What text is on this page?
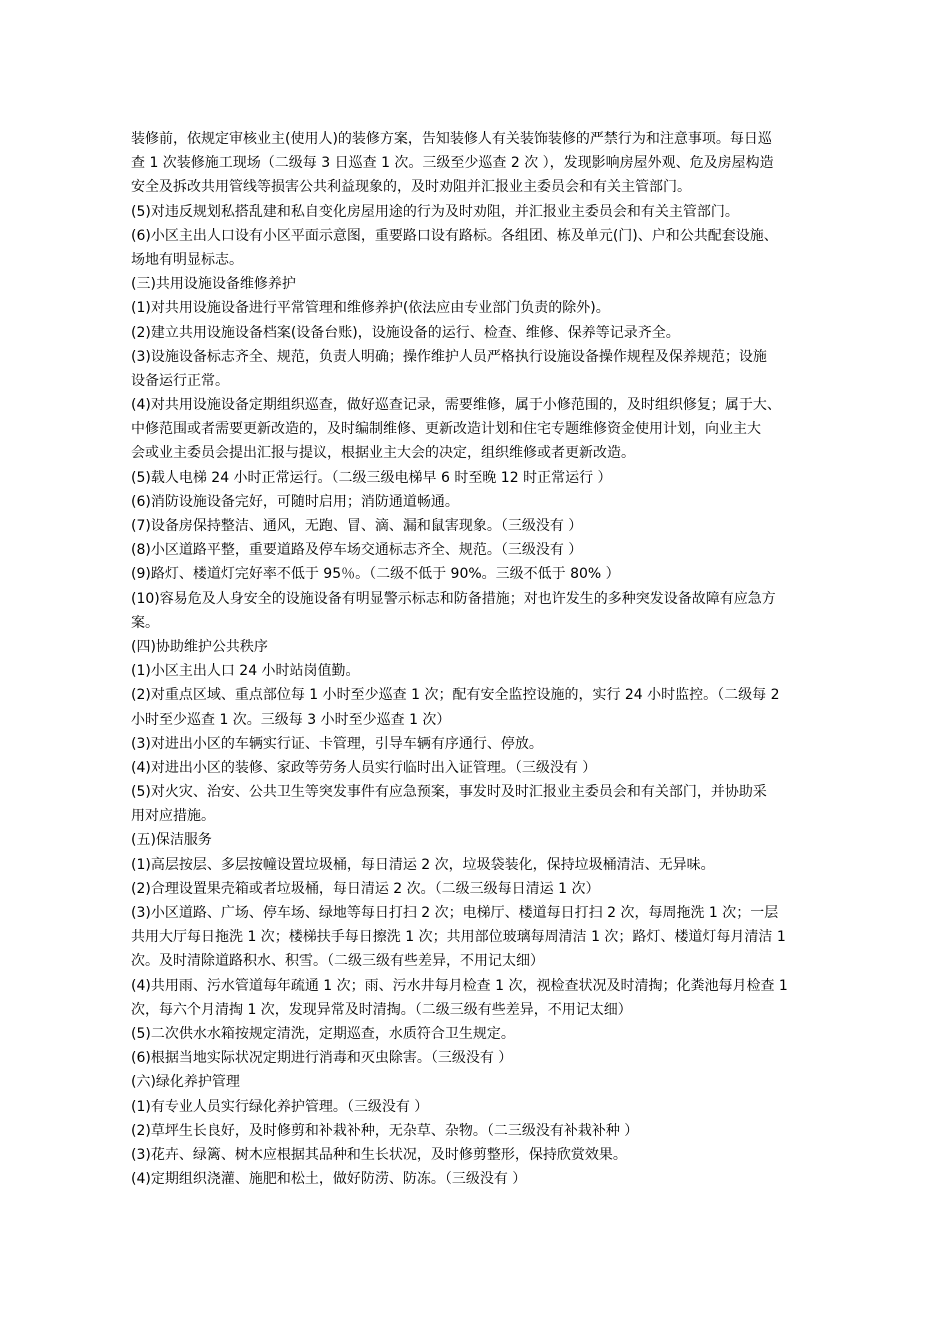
装修前，依规定审核业主(使用人)的装修方案，告知装修人有关装饰装修的严禁行为和注意事项。每日巡
查 1 次装修施工现场（二级每 3 日巡查 1 次。三级至少巡查 2 次 ），发现影响房屋外观、危及房屋构造
安全及拆改共用管线等损害公共利益现象的，及时劝阻并汇报业主委员会和有关主管部门。
(5)对违反规划私搭乱建和私自变化房屋用途的行为及时劝阻，并汇报业主委员会和有关主管部门。
(6)小区主出人口设有小区平面示意图，重要路口设有路标。各组团、栋及单元(门)、户和公共配套设施、
场地有明显标志。
(三)共用设施设备维修养护
(1)对共用设施设备进行平常管理和维修养护(依法应由专业部门负责的除外)。
(2)建立共用设施设备档案(设备台账)，设施设备的运行、检查、维修、保养等记录齐全。
(3)设施设备标志齐全、规范，负责人明确；操作维护人员严格执行设施设备操作规程及保养规范；设施
设备运行正常。
(4)对共用设施设备定期组织巡查，做好巡查记录，需要维修，属于小修范围的，及时组织修复；属于大、
中修范围或者需要更新改造的，及时编制维修、更新改造计划和住宅专题维修资金使用计划，向业主大
会或业主委员会提出汇报与提议，根据业主大会的决定，组织维修或者更新改造。
(5)载人电梯 24 小时正常运行。（二级三级电梯早 6 时至晚 12 时正常运行 ）
(6)消防设施设备完好，可随时启用；消防通道畅通。
(7)设备房保持整洁、通风，无跑、冒、滴、漏和鼠害现象。（三级没有 ）
(8)小区道路平整，重要道路及停车场交通标志齐全、规范。（三级没有 ）
(9)路灯、楼道灯完好率不低于 95％。（二级不低于 90%。三级不低于 80% ）
(10)容易危及人身安全的设施设备有明显警示标志和防备措施；对也许发生的多种突发设备故障有应急方
案。
(四)协助维护公共秩序
(1)小区主出人口 24 小时站岗值勤。
(2)对重点区域、重点部位每 1 小时至少巡查 1 次；配有安全监控设施的，实行 24 小时监控。（二级每 2
小时至少巡查 1 次。三级每 3 小时至少巡查 1 次）
(3)对进出小区的车辆实行证、卡管理，引导车辆有序通行、停放。
(4)对进出小区的装修、家政等劳务人员实行临时出入证管理。（三级没有 ）
(5)对火灾、治安、公共卫生等突发事件有应急预案，事发时及时汇报业主委员会和有关部门，并协助采
用对应措施。
(五)保洁服务
(1)高层按层、多层按幢设置垃圾桶，每日清运 2 次，垃圾袋装化，保持垃圾桶清洁、无异味。
(2)合理设置果壳箱或者垃圾桶，每日清运 2 次。（二级三级每日清运 1 次）
(3)小区道路、广场、停车场、绿地等每日打扫 2 次；电梯厅、楼道每日打扫 2 次，每周拖洗 1 次；一层
共用大厅每日拖洗 1 次；楼梯扶手每日擦洗 1 次；共用部位玻璃每周清洁 1 次；路灯、楼道灯每月清洁 1
次。及时清除道路积水、积雪。（二级三级有些差异，不用记太细）
(4)共用雨、污水管道每年疏通 1 次；雨、污水井每月检查 1 次，视检查状况及时清掏；化粪池每月检查 1
次，每六个月清掏 1 次，发现异常及时清掏。（二级三级有些差异，不用记太细）
(5)二次供水水箱按规定清洗，定期巡查，水质符合卫生规定。
(6)根据当地实际状况定期进行消毒和灭虫除害。（三级没有 ）
(六)绿化养护管理
(1)有专业人员实行绿化养护管理。（三级没有 ）
(2)草坪生长良好，及时修剪和补栽补种，无杂草、杂物。（二三级没有补栽补种 ）
(3)花卉、绿篱、树木应根据其品种和生长状况，及时修剪整形，保持欣赏效果。
(4)定期组织浇灌、施肥和松土，做好防涝、防冻。（三级没有 ）
